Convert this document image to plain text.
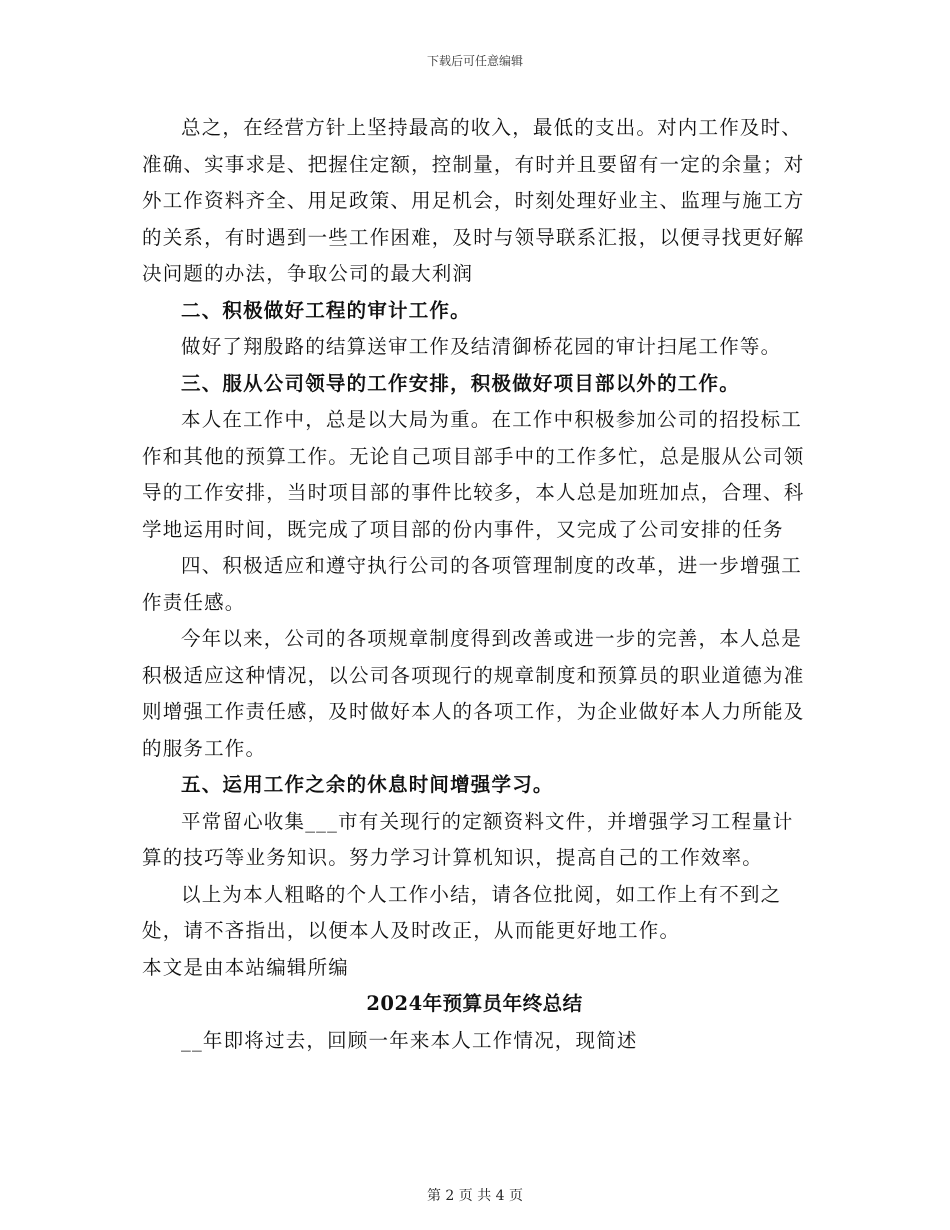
下载后可任意编辑

总之，在经营方针上坚持最高的收入，最低的支出。对内工作及时、准确、实事求是、把握住定额，控制量，有时并且要留有一定的余量；对外工作资料齐全、用足政策、用足机会，时刻处理好业主、监理与施工方的关系，有时遇到一些工作困难，及时与领导联系汇报，以便寻找更好解决问题的办法，争取公司的最大利润

二、积极做好工程的审计工作。

做好了翔殷路的结算送审工作及结清御桥花园的审计扫尾工作等。

三、服从公司领导的工作安排，积极做好项目部以外的工作。

本人在工作中，总是以大局为重。在工作中积极参加公司的招投标工作和其他的预算工作。无论自己项目部手中的工作多忙，总是服从公司领导的工作安排，当时项目部的事件比较多，本人总是加班加点，合理、科学地运用时间，既完成了项目部的份内事件，又完成了公司安排的任务

四、积极适应和遵守执行公司的各项管理制度的改革，进一步增强工作责任感。

今年以来，公司的各项规章制度得到改善或进一步的完善，本人总是积极适应这种情况，以公司各项现行的规章制度和预算员的职业道德为准则增强工作责任感，及时做好本人的各项工作，为企业做好本人力所能及的服务工作。

五、运用工作之余的休息时间增强学习。

平常留心收集___市有关现行的定额资料文件，并增强学习工程量计算的技巧等业务知识。努力学习计算机知识，提高自己的工作效率。

以上为本人粗略的个人工作小结，请各位批阅，如工作上有不到之处，请不吝指出，以便本人及时改正，从而能更好地工作。

本文是由本站编辑所编

2024年预算员年终总结

__年即将过去，回顾一年来本人工作情况，现简述

第 2 页 共 4 页
